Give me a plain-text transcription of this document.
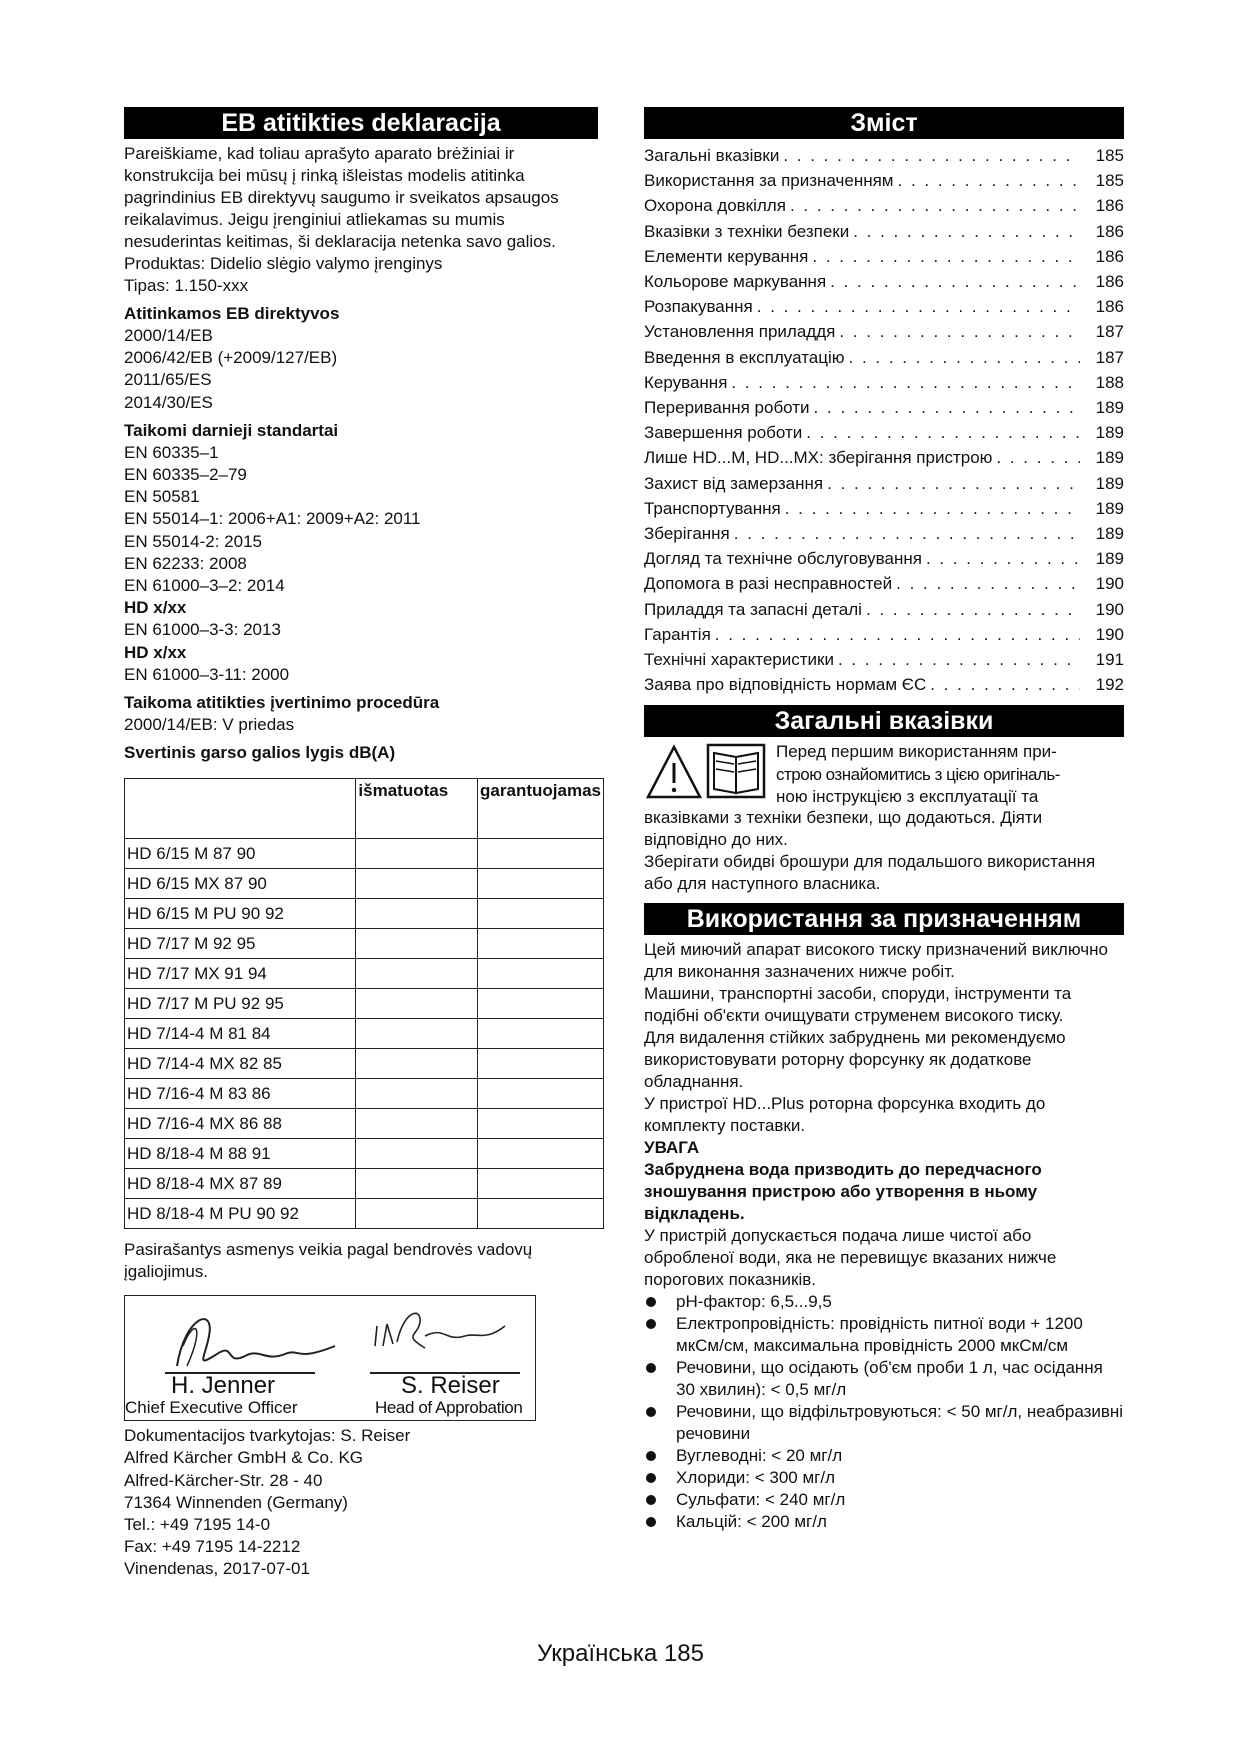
EB atitikties deklaracija

Pareiškiame, kad toliau aprašyto aparato brėžiniai ir konstrukcija bei mūsų į rinką išleistas modelis atitinka pagrindinius EB direktyvų saugumo ir sveikatos apsaugos reikalavimus. Jeigu įrenginiui atliekamas su mumis nesuderintas keitimas, ši deklaracija netenka savo galios.

Produktas: Didelio slėgio valymo įrenginys

Tipas: 1.150-xxx

Atitinkamos EB direktyvos

2000/14/EB

2006/42/EB (+2009/127/EB)

2011/65/ES

2014/30/ES

Taikomi darnieji standartai

EN 60335–1

EN 60335–2–79

EN 50581

EN 55014–1: 2006+A1: 2009+A2: 2011

EN 55014-2: 2015

EN 62233: 2008

EN 61000–3–2: 2014

HD x/xx

EN 61000–3-3: 2013

HD x/xx

EN 61000–3-11: 2000

Taikoma atitikties įvertinimo procedūra

2000/14/EB: V priedas

Svertinis garso galios lygis dB(A)

	išmatuotas	garantuojamas
HD 6/15 M 87 90		
HD 6/15 MX 87 90		
HD 6/15 M PU 90 92		
HD 7/17 M 92 95		
HD 7/17 MX 91 94		
HD 7/17 M PU 92 95		
HD 7/14-4 M 81 84		
HD 7/14-4 MX 82 85		
HD 7/16-4 M 83 86		
HD 7/16-4 MX 86 88		
HD 8/18-4 M 88 91		
HD 8/18-4 MX 87 89		
HD 8/18-4 M PU 90 92		

Pasirašantys asmenys veikia pagal bendrovės vadovų įgaliojimus.

H. Jenner	S. Reiser
Chief Executive Officer	Head of Approbation

Dokumentacijos tvarkytojas: S. Reiser

Alfred Kärcher GmbH & Co. KG

Alfred-Kärcher-Str. 28 - 40

71364 Winnenden (Germany)

Tel.: +49 7195 14-0

Fax: +49 7195 14-2212

Vinendenas, 2017-07-01

Зміст
Загальні вказівки . . .	185
Використання за призначенням . . .	185
Охорона довкілля . . .	186
Вказівки з техніки безпеки . . .	186
Елементи керування . . .	186
Кольорове маркування . . .	186
Розпакування . . .	186
Установлення приладдя . . .	187
Введення в експлуатацію . . .	187
Керування . . .	188
Переривання роботи . . .	189
Завершення роботи . . .	189
Лише HD...M, HD...MX: зберігання пристрою . . .	189
Захист від замерзання . . .	189
Транспортування . . .	189
Зберігання . . .	189
Догляд та технічне обслуговування . . .	189
Допомога в разі несправностей . . .	190
Приладдя та запасні деталі . . .	190
Гарантія . . .	190
Технічні характеристики . . .	191
Заява про відповідність нормам ЄС . . .	192
Загальні вказівки

Перед першим використанням при-

строю ознайомитись з цією оригіналь-

ною інструкцією з експлуатації та

вказівками з техніки безпеки, що додаються. Діяти відповідно до них.

Зберігати обидві брошури для подальшого використання або для наступного власника.

Використання за призначенням

Цей миючий апарат високого тиску призначений виключно для виконання зазначених нижче робіт.

Машини, транспортні засоби, споруди, інструменти та подібні об'єкти очищувати струменем високого тиску.

Для видалення стійких забруднень ми рекомендуємо використовувати роторну форсунку як додаткове обладнання.

У пристрої HD...Plus роторна форсунка входить до комплекту поставки.

УВАГА

Забруднена вода призводить до передчасного зношування пристрою або утворення в ньому відкладень.

У пристрій допускається подача лише чистої або обробленої води, яка не перевищує вказаних нижче порогових показників.

pH-фактор: 6,5...9,5
Електропровідність: провідність питної води + 1200 мкСм/см, максимальна провідність 2000 мкСм/см
Речовини, що осідають (об'єм проби 1 л, час осідання 30 хвилин): < 0,5 мг/л
Речовини, що відфільтровуються: < 50 мг/л, неабразивні речовини
Вуглеводні: < 20 мг/л
Хлориди: < 300 мг/л
Сульфати: < 240 мг/л
Кальцій: < 200 мг/л
Українська 185
